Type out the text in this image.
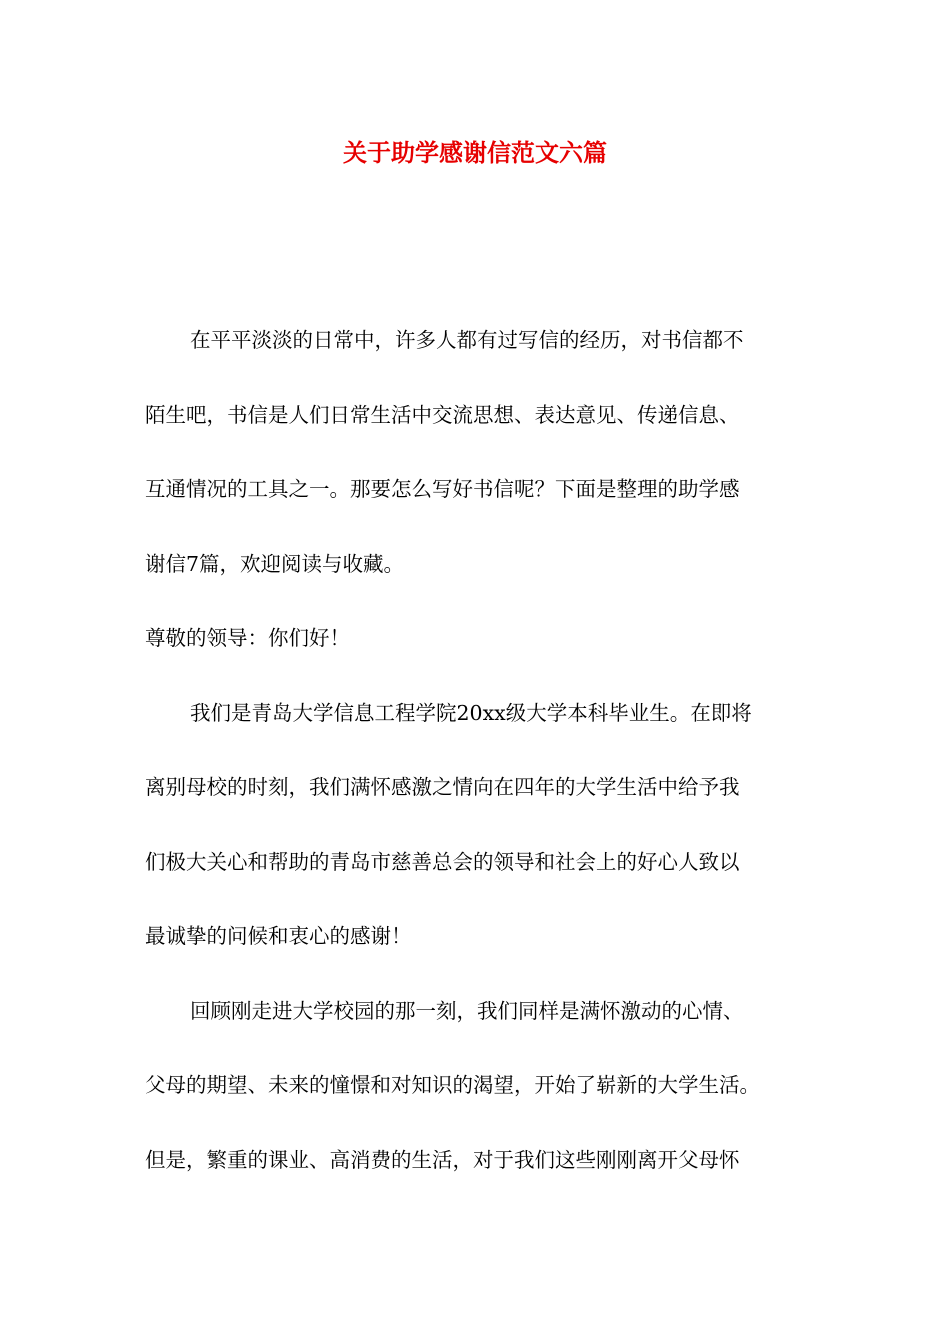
关于助学感谢信范文六篇
在平平淡淡的日常中，许多人都有过写信的经历，对书信都不
陌生吧，书信是人们日常生活中交流思想、表达意见、传递信息、
互通情况的工具之一。那要怎么写好书信呢？下面是整理的助学感
谢信7篇，欢迎阅读与收藏。
尊敬的领导：你们好！
我们是青岛大学信息工程学院20xx级大学本科毕业生。在即将
离别母校的时刻，我们满怀感激之情向在四年的大学生活中给予我
们极大关心和帮助的青岛市慈善总会的领导和社会上的好心人致以
最诚挚的问候和衷心的感谢！
回顾刚走进大学校园的那一刻，我们同样是满怀激动的心情、
父母的期望、未来的憧憬和对知识的渴望，开始了崭新的大学生活。
但是，繁重的课业、高消费的生活，对于我们这些刚刚离开父母怀
